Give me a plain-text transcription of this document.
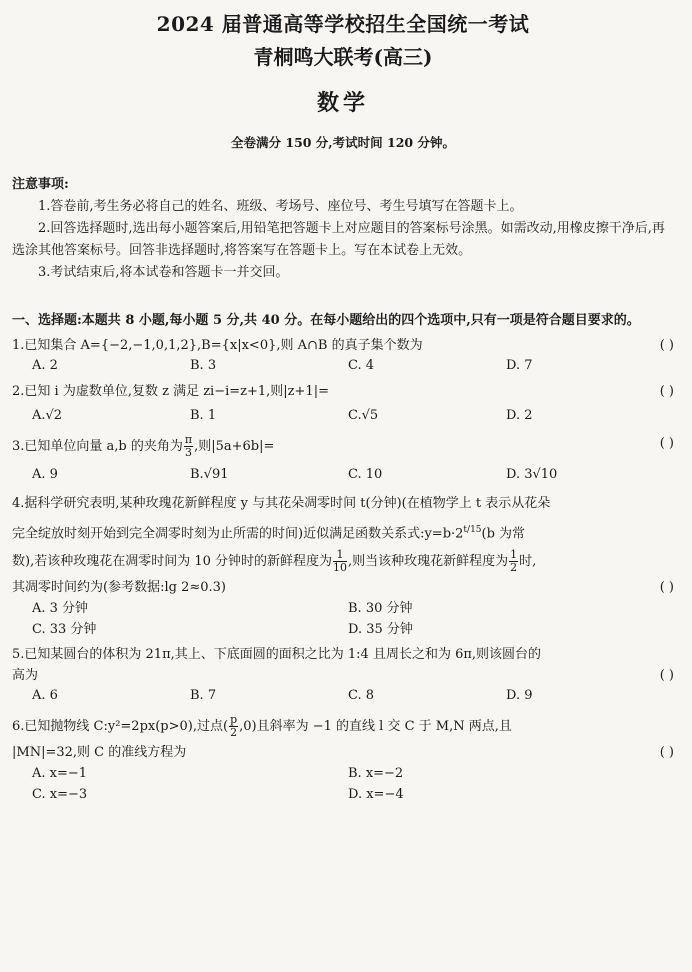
2024 届普通高等学校招生全国统一考试
青桐鸣大联考(高三)
数学
全卷满分 150 分,考试时间 120 分钟。
注意事项:
1.答卷前,考生务必将自己的姓名、班级、考场号、座位号、考生号填写在答题卡上。
2.回答选择题时,选出每小题答案后,用铅笔把答题卡上对应题目的答案标号涂黑。如需改动,用橡皮擦干净后,再选涂其他答案标号。回答非选择题时,将答案写在答题卡上。写在本试卷上无效。
3.考试结束后,将本试卷和答题卡一并交回。
一、选择题:本题共 8 小题,每小题 5 分,共 40 分。在每小题给出的四个选项中,只有一项是符合题目要求的。
1.已知集合 A={−2,−1,0,1,2},B={x|x<0},则 A∩B 的真子集个数为	( )
A. 2	B. 3	C. 4	D. 7
2.已知 i 为虚数单位,复数 z 满足 zi−i=z+1,则|z+1|=	( )
A.√2	B. 1	C.√5	D. 2
3.已知单位向量 a,b 的夹角为 $\frac{\pi}{3}$ ,则|5a+6b|=	( )
A. 9	B.√91	C. 10	D. 3√10
4.据科学研究表明,某种玫瑰花新鲜程度 y 与其花朵凋零时间 t(分钟)(在植物学上 t 表示从花朵
完全绽放时刻开始到完全凋零时刻为止所需的时间)近似满足函数关系式$:y=b\cdot 2^{t/15}(b$ 为常
数),若该种玫瑰花在凋零时间为 10 分钟时的新鲜程度为 $\frac{1}{10}$ ,则当该种玫瑰花新鲜程度为 $\frac{1}{2}$ 时,
其凋零时间约为(参考数据:lg 2≈0.3)	( )
A. 3 分钟	B. 30 分钟
C. 33 分钟	D. 35 分钟
5.已知某圆台的体积为 21π,其上、下底面圆的面积之比为 1:4 且周长之和为 6π,则该圆台的
高为	( )
A. 6	B. 7	C. 8	D. 9
6.已知抛物线 C:y²=2px(p>0),过点( $\frac{p}{2} ,0$)且斜率为 −1 的直线 l 交 C 于 M,N 两点,且
|MN|=32,则 C 的准线方程为	( )
A. x=−1	B. x=−2
C. x=−3	D. x=−4
